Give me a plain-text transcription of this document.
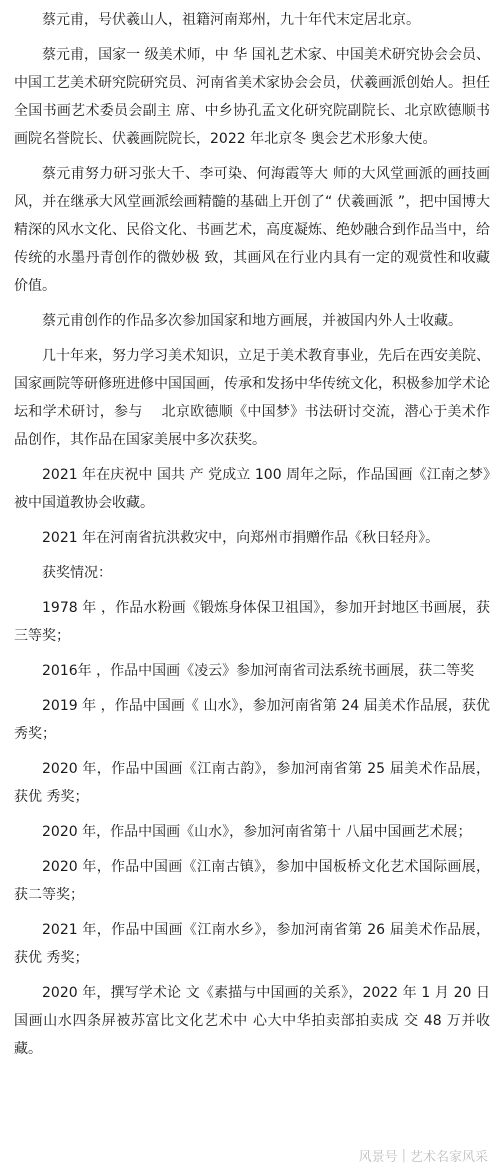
蔡元甫，号伏羲山人，祖籍河南郑州，九十年代末定居北京。

蔡元甫，国家一 级美术师，中 华 国礼艺术家、中国美术研究协会会员、中国工艺美术研究院研究员、河南省美术家协会会员，伏羲画派创始人。担任全国书画艺术委员会副主 席、中乡协孔孟文化研究院副院长、北京欧德顺书画院名誉院长、伏羲画院院长，2022 年北京冬 奥会艺术形象大使。

蔡元甫努力研习张大千、李可染、何海霞等大 师的大风堂画派的画技画风，并在继承大风堂画派绘画精髓的基础上开创了“ 伏羲画派 ”，把中国博大精深的风水文化、民俗文化、书画艺术，高度凝炼、绝妙融合到作品当中，给传统的水墨丹青创作的微妙极 致，其画风在行业内具有一定的观赏性和收藏价值。

蔡元甫创作的作品多次参加国家和地方画展，并被国内外人士收藏。

几十年来，努力学习美术知识，立足于美术教育事业，先后在西安美院、国家画院等研修班进修中国国画，传承和发扬中华传统文化，积极参加学术论 坛和学术研讨，参与　 北京欧德顺《中国梦》书法研讨交流，潜心于美术作品创作，其作品在国家美展中多次获奖。

2021 年在庆祝中 国共 产 党成立 100 周年之际，作品国画《江南之梦》被中国道教协会收藏。

2021 年在河南省抗洪救灾中，向郑州市捐赠作品《秋日轻舟》。

获奖情况：

1978 年 ，作品水粉画《锻炼身体保卫祖国》，参加开封地区书画展，获三等奖；

2016年 ，作品中国画《凌云》参加河南省司法系统书画展，获二等奖

2019 年 ，作品中国画《 山水》，参加河南省第 24 届美术作品展，获优秀奖；

2020 年，作品中国画《江南古韵》，参加河南省第 25 届美术作品展，获优 秀奖；

2020 年，作品中国画《山水》，参加河南省第十 八届中国画艺术展；

2020 年，作品中国画《江南古镇》，参加中国板桥文化艺术国际画展，获二等奖；

2021 年，作品中国画《江南水乡》，参加河南省第 26 届美术作品展，获优 秀奖；

2020 年，撰写学术论 文《素描与中国画的关系》，2022 年 1 月 20 日国画山水四条屏被苏富比文化艺术中 心大中华拍卖部拍卖成 交 48 万并收藏。

风景号 | 艺术名家风采
